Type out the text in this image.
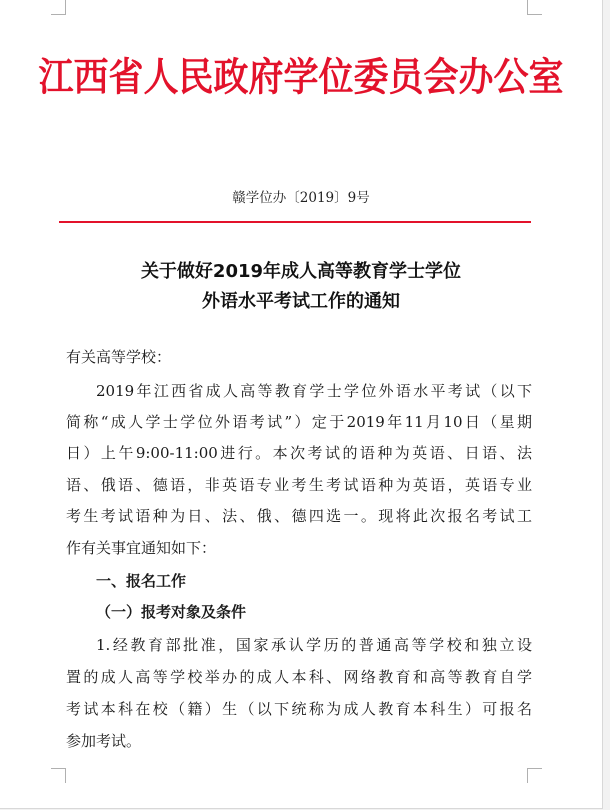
江西省人民政府学位委员会办公室
赣学位办〔2019〕9号
关于做好2019年成人高等教育学士学位
外语水平考试工作的通知
有关高等学校：
2019年江西省成人高等教育学士学位外语水平考试（以下
简称“成人学士学位外语考试”）定于2019年11月10日（星期
日）上午9:00-11:00进行。本次考试的语种为英语、日语、法
语、俄语、德语，非英语专业考生考试语种为英语，英语专业
考生考试语种为日、法、俄、德四选一。现将此次报名考试工
作有关事宜通知如下：
一、报名工作
（一）报考对象及条件
1.经教育部批准，国家承认学历的普通高等学校和独立设
置的成人高等学校举办的成人本科、网络教育和高等教育自学
考试本科在校（籍）生（以下统称为成人教育本科生）可报名
参加考试。
